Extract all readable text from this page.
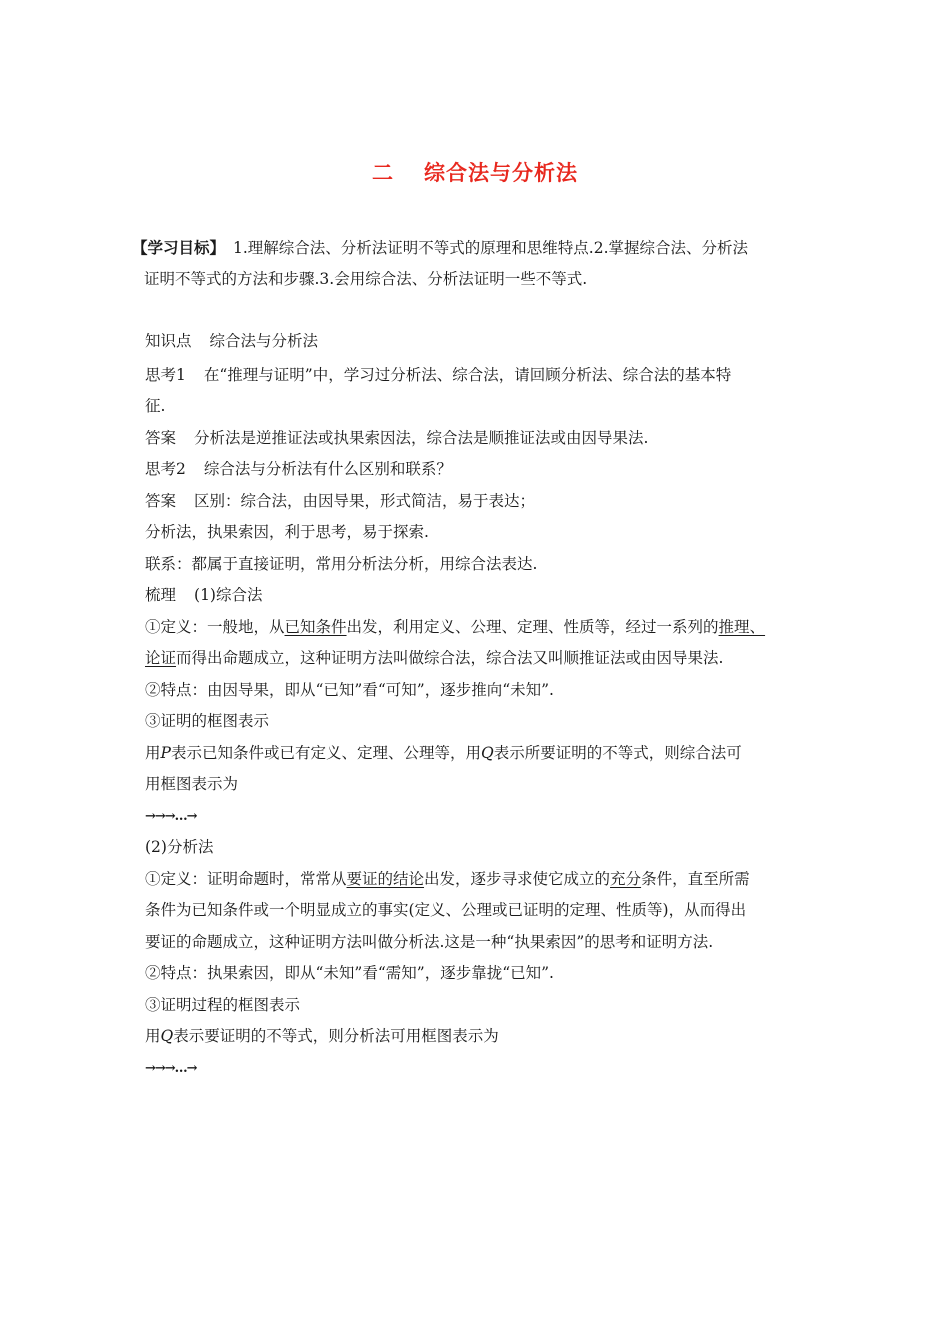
二 综合法与分析法
【学习目标】 1.理解综合法、分析法证明不等式的原理和思维特点.2.掌握综合法、分析法
证明不等式的方法和步骤.3.会用综合法、分析法证明一些不等式.

知识点 综合法与分析法

思考1 在“推理与证明”中，学习过分析法、综合法，请回顾分析法、综合法的基本特

征.

答案 分析法是逆推证法或执果索因法，综合法是顺推证法或由因导果法.

思考2 综合法与分析法有什么区别和联系？

答案 区别：综合法，由因导果，形式简洁，易于表达；

分析法，执果索因，利于思考，易于探索.

联系：都属于直接证明，常用分析法分析，用综合法表达.

梳理 (1)综合法

①定义：一般地，从已知条件出发，利用定义、公理、定理、性质等，经过一系列的推理、

论证而得出命题成立，这种证明方法叫做综合法，综合法又叫顺推证法或由因导果法.

②特点：由因导果，即从“已知”看“可知”，逐步推向“未知”.

③证明的框图表示

用P表示已知条件或已有定义、定理、公理等，用Q表示所要证明的不等式，则综合法可

用框图表示为

→→→…→

(2)分析法

①定义：证明命题时，常常从要证的结论出发，逐步寻求使它成立的充分条件，直至所需

条件为已知条件或一个明显成立的事实(定义、公理或已证明的定理、性质等)，从而得出

要证的命题成立，这种证明方法叫做分析法.这是一种“执果索因”的思考和证明方法.

②特点：执果索因，即从“未知”看“需知”，逐步靠拢“已知”.

③证明过程的框图表示

用Q表示要证明的不等式，则分析法可用框图表示为

→→→…→
